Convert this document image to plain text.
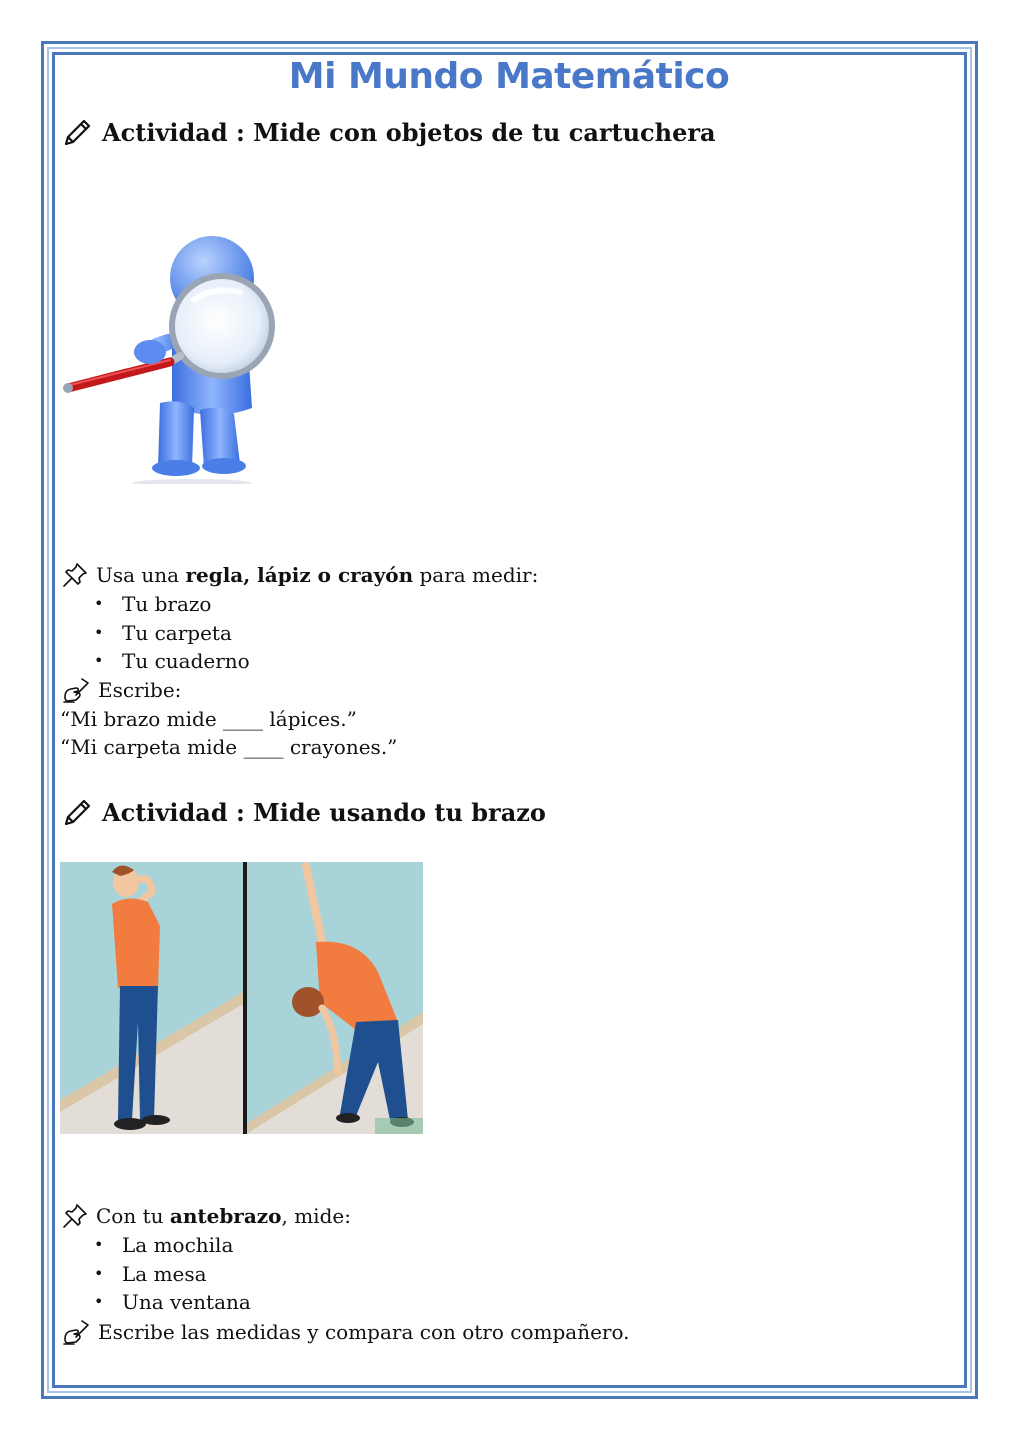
Mi Mundo Matemático
Actividad : Mide con objetos de tu cartuchera
Usa una regla, lápiz o crayón para medir:
• Tu brazo
• Tu carpeta
• Tu cuaderno
Escribe:
“Mi brazo mide ____ lápices.”
“Mi carpeta mide ____ crayones.”
Actividad : Mide usando tu brazo
Con tu antebrazo , mide:
• La mochila
• La mesa
• Una ventana
Escribe las medidas y compara con otro compañero.
